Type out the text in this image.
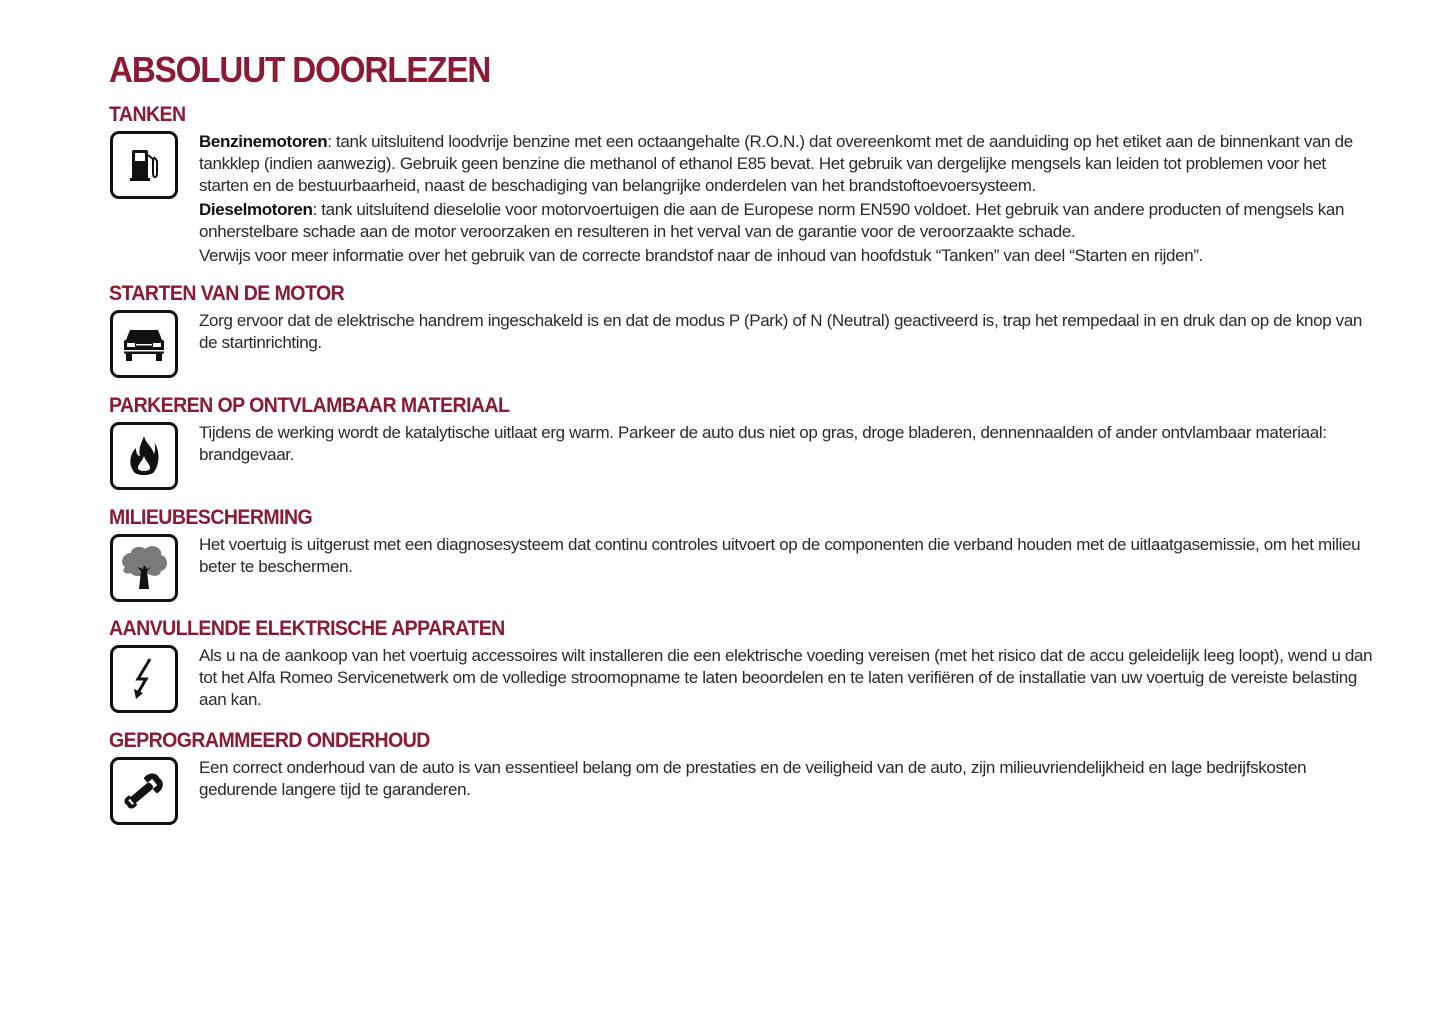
ABSOLUUT DOORLEZEN
TANKEN

Benzinemotoren: tank uitsluitend loodvrije benzine met een octaangehalte (R.O.N.) dat overeenkomt met de aanduiding op het etiket aan de binnenkant van de tankklep (indien aanwezig). Gebruik geen benzine die methanol of ethanol E85 bevat. Het gebruik van dergelijke mengsels kan leiden tot problemen voor het starten en de bestuurbaarheid, naast de beschadiging van belangrijke onderdelen van het brandstoftoevoersysteem.

Dieselmotoren: tank uitsluitend dieselolie voor motorvoertuigen die aan de Europese norm EN590 voldoet. Het gebruik van andere producten of mengsels kan onherstelbare schade aan de motor veroorzaken en resulteren in het verval van de garantie voor de veroorzaakte schade.

Verwijs voor meer informatie over het gebruik van de correcte brandstof naar de inhoud van hoofdstuk “Tanken” van deel “Starten en rijden”.

STARTEN VAN DE MOTOR

Zorg ervoor dat de elektrische handrem ingeschakeld is en dat de modus P (Park) of N (Neutral) geactiveerd is, trap het rempedaal in en druk dan op de knop van de startinrichting.

PARKEREN OP ONTVLAMBAAR MATERIAAL

Tijdens de werking wordt de katalytische uitlaat erg warm. Parkeer de auto dus niet op gras, droge bladeren, dennennaalden of ander ontvlambaar materiaal: brandgevaar.

MILIEUBESCHERMING

Het voertuig is uitgerust met een diagnosesysteem dat continu controles uitvoert op de componenten die verband houden met de uitlaatgasemissie, om het milieu beter te beschermen.

AANVULLENDE ELEKTRISCHE APPARATEN

Als u na de aankoop van het voertuig accessoires wilt installeren die een elektrische voeding vereisen (met het risico dat de accu geleidelijk leeg loopt), wend u dan tot het Alfa Romeo Servicenetwerk om de volledige stroomopname te laten beoordelen en te laten verifiëren of de installatie van uw voertuig de vereiste belasting aan kan.

GEPROGRAMMEERD ONDERHOUD

Een correct onderhoud van de auto is van essentieel belang om de prestaties en de veiligheid van de auto, zijn milieuvriendelijkheid en lage bedrijfskosten gedurende langere tijd te garanderen.
